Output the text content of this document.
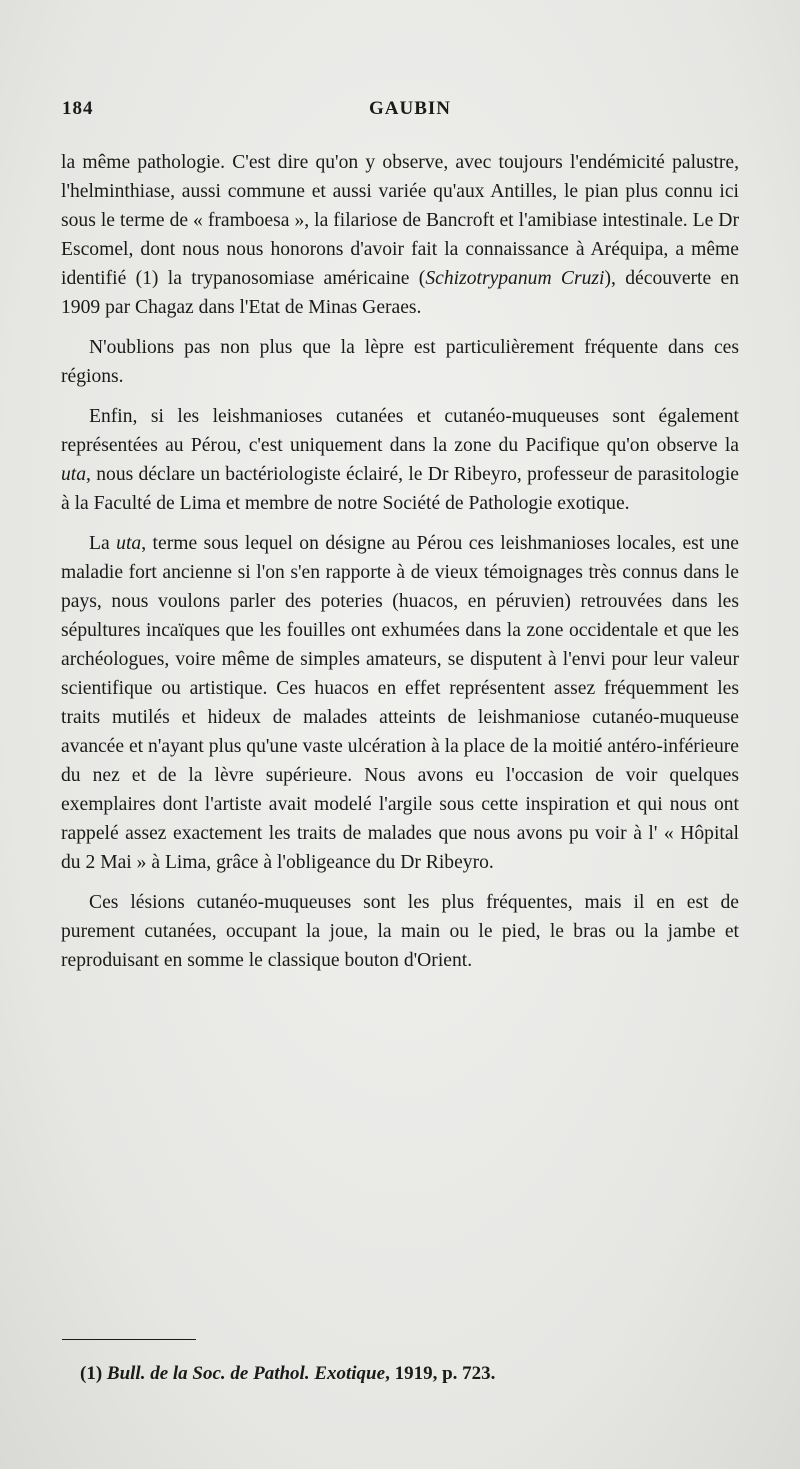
184	GAUBIN

la même pathologie. C'est dire qu'on y observe, avec toujours l'endémicité palustre, l'helminthiase, aussi commune et aussi variée qu'aux Antilles, le pian plus connu ici sous le terme de « framboesa », la filariose de Bancroft et l'amibiase intestinale. Le Dr Escomel, dont nous nous honorons d'avoir fait la connaissance à Aréquipa, a même identifié (1) la trypanosomiase américaine (Schizotrypanum Cruzi), découverte en 1909 par Chagaz dans l'Etat de Minas Geraes.

N'oublions pas non plus que la lèpre est particulièrement fréquente dans ces régions.

Enfin, si les leishmanioses cutanées et cutanéo-muqueuses sont également représentées au Pérou, c'est uniquement dans la zone du Pacifique qu'on observe la uta, nous déclare un bactériologiste éclairé, le Dr Ribeyro, professeur de parasitologie à la Faculté de Lima et membre de notre Société de Pathologie exotique.

La uta, terme sous lequel on désigne au Pérou ces leishmanioses locales, est une maladie fort ancienne si l'on s'en rapporte à de vieux témoignages très connus dans le pays, nous voulons parler des poteries (huacos, en péruvien) retrouvées dans les sépultures incaïques que les fouilles ont exhumées dans la zone occidentale et que les archéologues, voire même de simples amateurs, se disputent à l'envi pour leur valeur scientifique ou artistique. Ces huacos en effet représentent assez fréquemment les traits mutilés et hideux de malades atteints de leishmaniose cutanéo-muqueuse avancée et n'ayant plus qu'une vaste ulcération à la place de la moitié antéro-inférieure du nez et de la lèvre supérieure. Nous avons eu l'occasion de voir quelques exemplaires dont l'artiste avait modelé l'argile sous cette inspiration et qui nous ont rappelé assez exactement les traits de malades que nous avons pu voir à l' « Hôpital du 2 Mai » à Lima, grâce à l'obligeance du Dr Ribeyro.

Ces lésions cutanéo-muqueuses sont les plus fréquentes, mais il en est de purement cutanées, occupant la joue, la main ou le pied, le bras ou la jambe et reproduisant en somme le classique bouton d'Orient.

(1) Bull. de la Soc. de Pathol. Exotique, 1919, p. 723.
